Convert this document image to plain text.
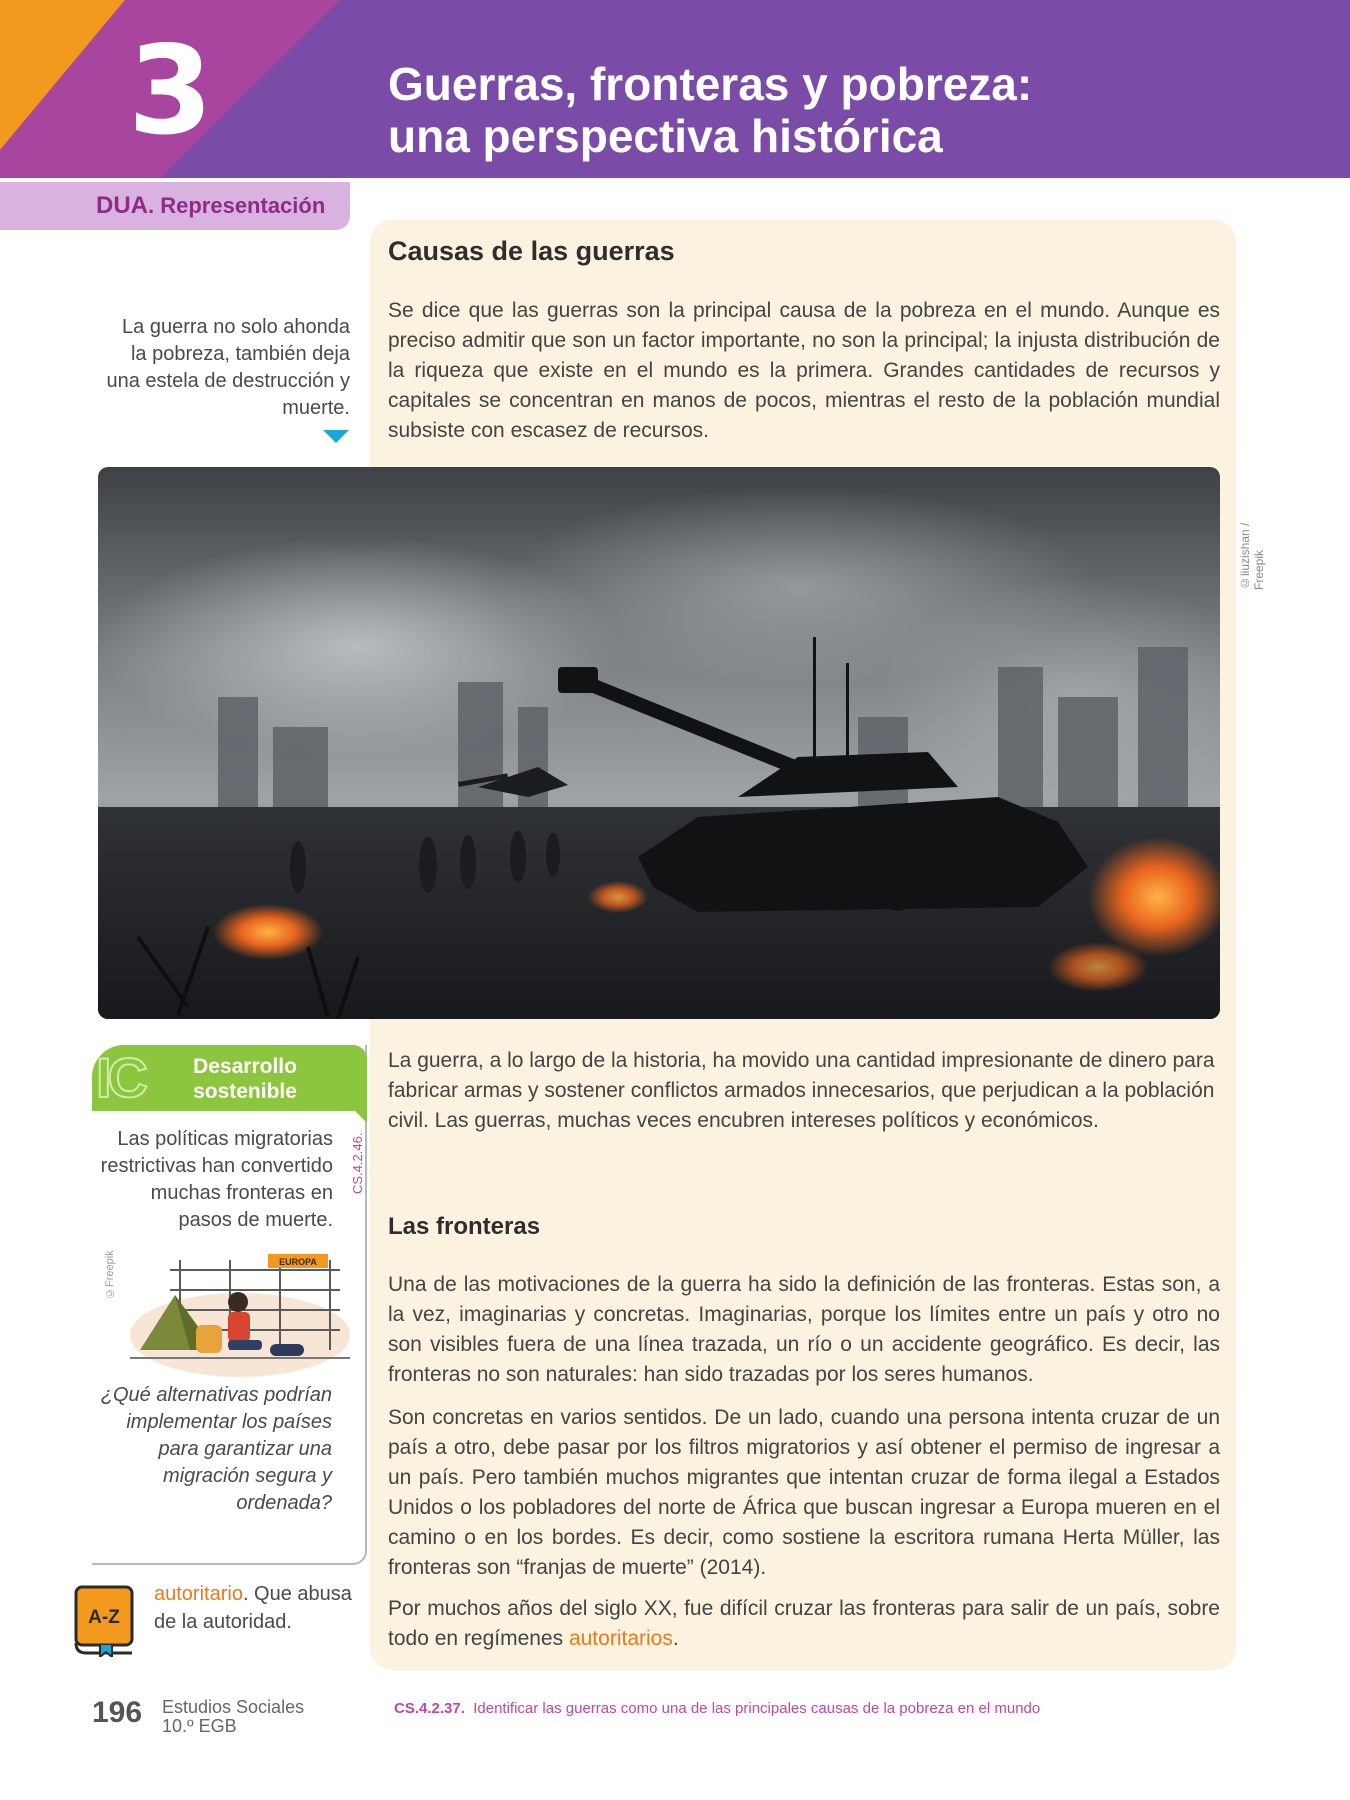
3	Guerras, fronteras y pobreza:
una perspectiva histórica
DUA. Representación
Causas de las guerras
Se dice que las guerras son la principal causa de la pobreza en el mundo. Aunque es preciso admitir que son un factor importante, no son la principal; la injusta distribución de la riqueza que existe en el mundo es la primera. Grandes cantidades de recursos y capitales se concentran en manos de pocos, mientras el resto de la población mundial subsiste con escasez de recursos.
La guerra no solo ahonda
la pobreza, también deja
una estela de destrucción y
muerte.
©liuzishan / Freepik
La guerra, a lo largo de la historia, ha movido una cantidad impresionante de dinero para fabricar armas y sostener conflictos armados innecesarios, que perjudican a la población civil. Las guerras, muchas veces encubren intereses políticos y económicos.
Las fronteras
Una de las motivaciones de la guerra ha sido la definición de las fronteras. Estas son, a la vez, imaginarias y concretas. Imaginarias, porque los límites entre un país y otro no son visibles fuera de una línea trazada, un río o un accidente geográfico. Es decir, las fronteras no son naturales: han sido trazadas por los seres humanos.
Son concretas en varios sentidos. De un lado, cuando una persona intenta cruzar de un país a otro, debe pasar por los filtros migratorios y así obtener el permiso de ingresar a un país. Pero también muchos migrantes que intentan cruzar de forma ilegal a Estados Unidos o los pobladores del norte de África que buscan ingresar a Europa mueren en el camino o en los bordes. Es decir, como sostiene la escritora rumana Herta Müller, las fronteras son “franjas de muerte” (2014).
Por muchos años del siglo XX, fue difícil cruzar las fronteras para salir de un país, sobre todo en regímenes autoritarios.
IC	Desarrollo
sostenible
CS.4.2.46.
Las políticas migratorias
restrictivas han convertido
muchas fronteras en
pasos de muerte.
©Freepik	EUROPA
¿Qué alternativas podrían
implementar los países
para garantizar una
migración segura y
ordenada?
A-Z
autoritario. Que abusa de la autoridad.
196 Estudios Sociales
10.º EGB
CS.4.2.37. Identificar las guerras como una de las principales causas de la pobreza en el mundo
